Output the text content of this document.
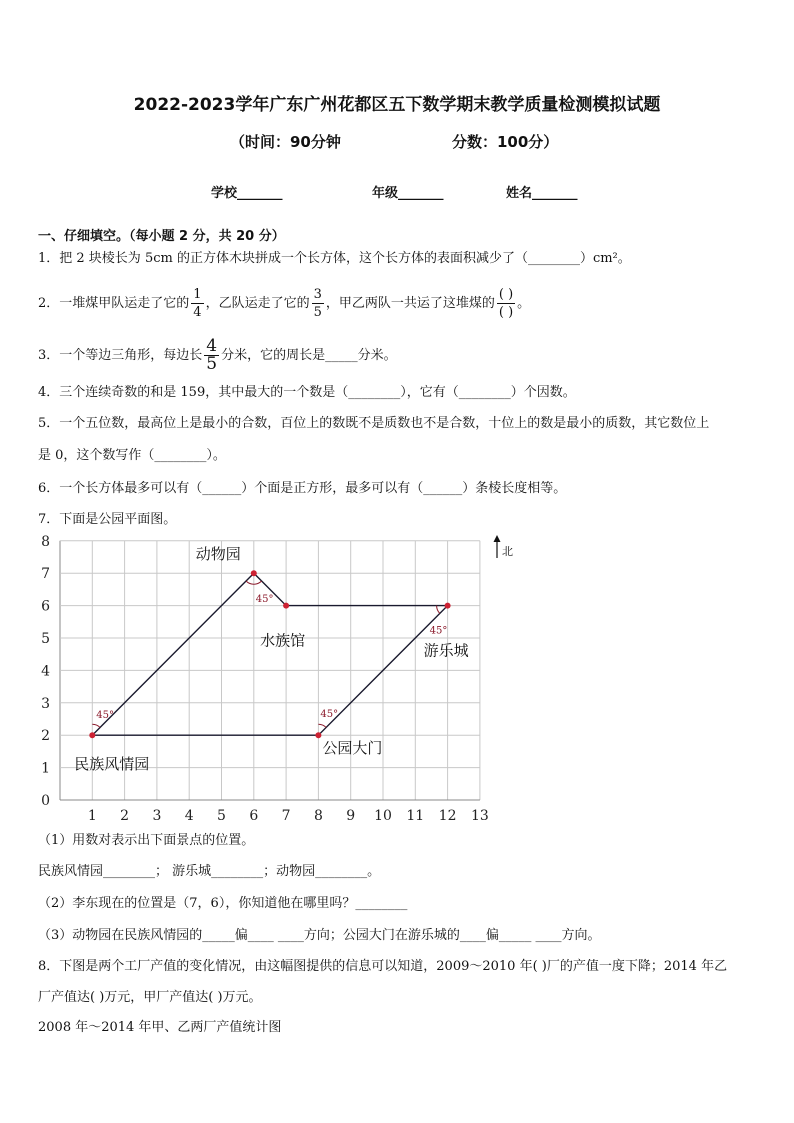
2022-2023学年广东广州花都区五下数学期末教学质量检测模拟试题
（时间：90分钟	分数：100分）
学校_______	年级_______	姓名_______
一、仔细填空。（每小题 2 分，共 20 分）
1．把 2 块棱长为 5cm 的正方体木块拼成一个长方体，这个长方体的表面积减少了（________）cm²。
2．一堆煤甲队运走了它的 $\frac{1}{4}$ ，乙队运走了它的 $\frac{3}{5}$ ，甲乙两队一共运了这堆煤的 $\frac{( )}{( )}$ 。
3．一个等边三角形，每边长 $\frac{4}{5}$ 分米，它的周长是_____分米。
4．三个连续奇数的和是 159，其中最大的一个数是（________），它有（________）个因数。
5．一个五位数，最高位上是最小的合数，百位上的数既不是质数也不是合数，十位上的数是最小的质数，其它数位上
是 0，这个数写作（________）。
6．一个长方体最多可以有（______）个面是正方形，最多可以有（______）条棱长度相等。
7．下面是公园平面图。
1 2 3 4 5 6 7 8 9 10 11 12 13
0
1
2
3
4
5
6
7
8
民族风情园
45°
动物园
45°
水族馆
游乐城
45°
公园大门
45°
北
（1）用数对表示出下面景点的位置。
民族风情园________； 游乐城________；动物园________。
（2）李东现在的位置是（7，6），你知道他在哪里吗？________
（3）动物园在民族风情园的_____偏____ ____方向；公园大门在游乐城的____偏_____ ____方向。
8．下图是两个工厂产值的变化情况，由这幅图提供的信息可以知道，2009～2010 年( )厂的产值一度下降；2014 年乙
厂产值达( )万元，甲厂产值达( )万元。
2008 年～2014 年甲、乙两厂产值统计图
